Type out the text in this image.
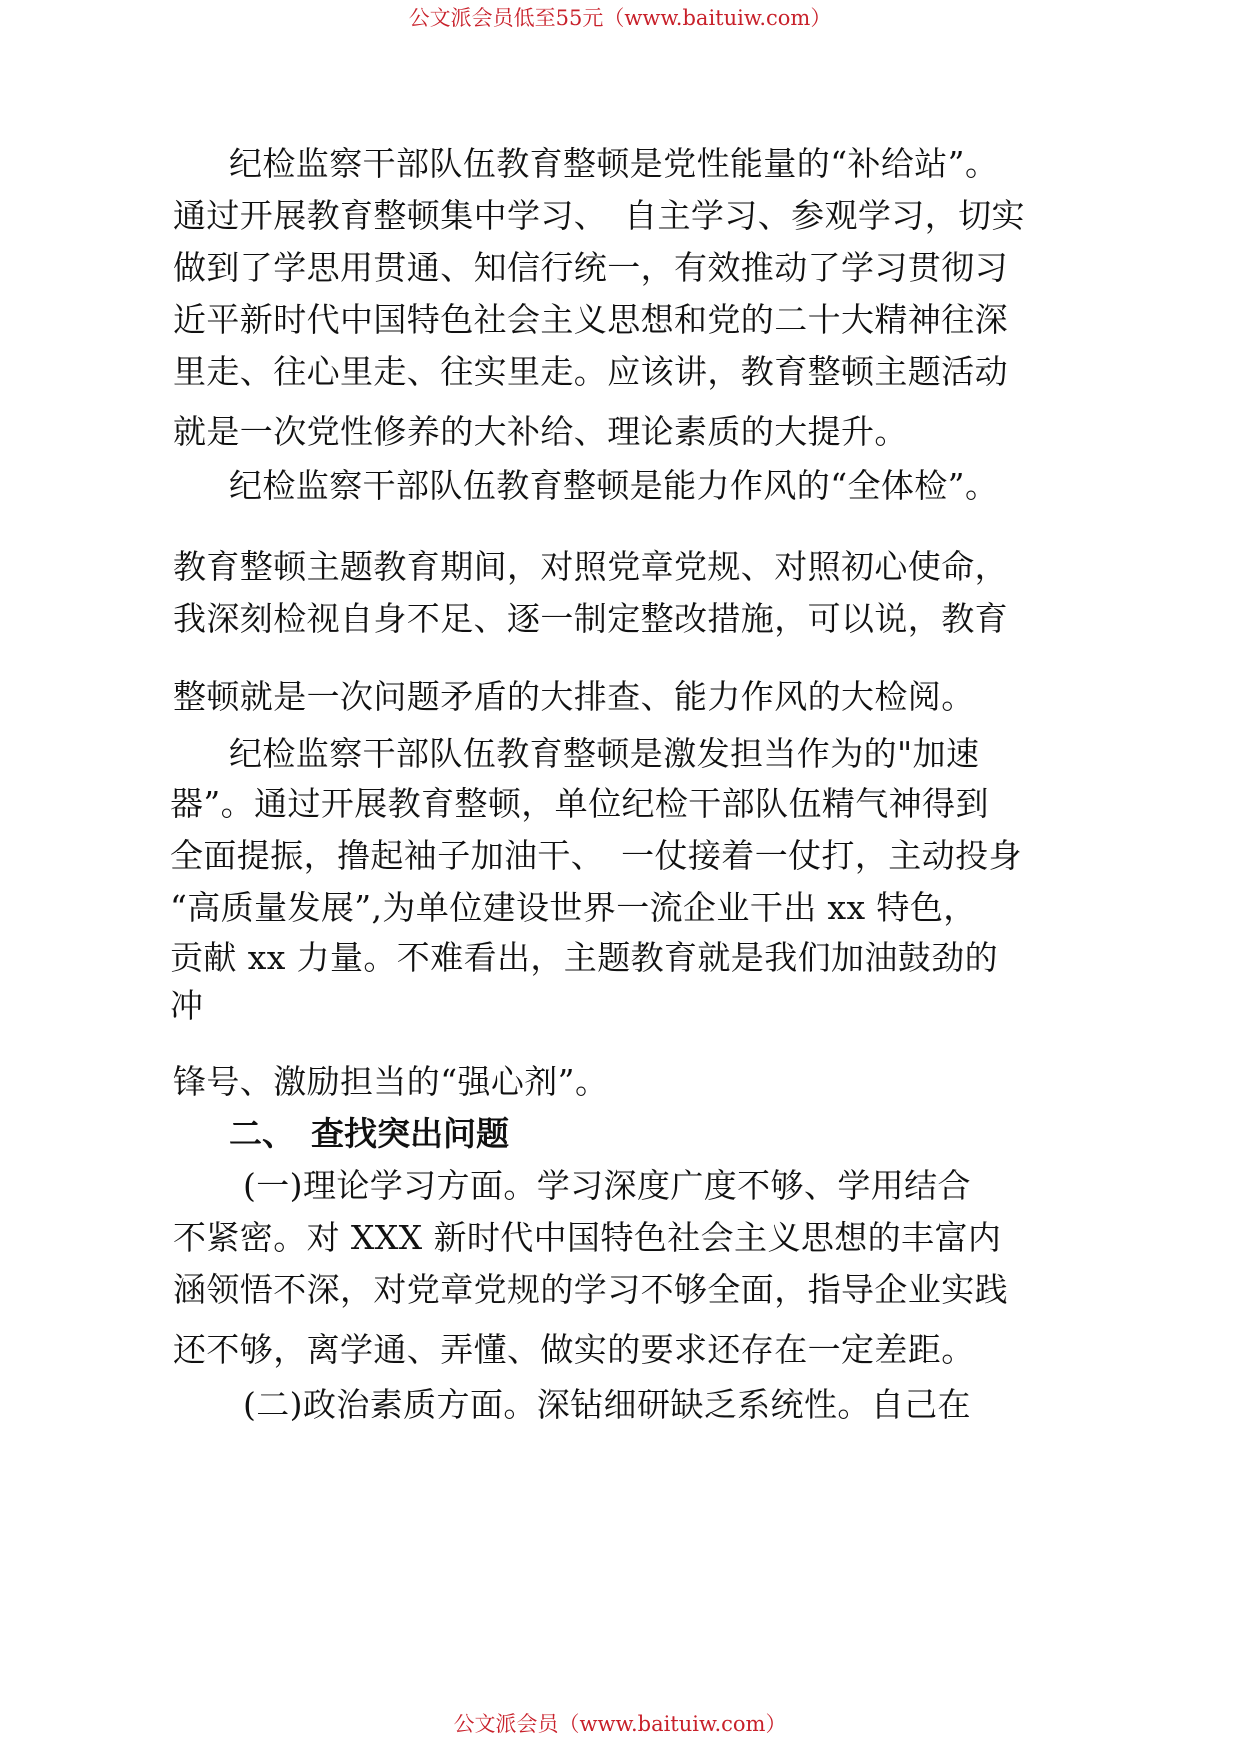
公文派会员低至55元（www.baituiw.com）
纪检监察干部队伍教育整顿是党性能量的“补给站”。
通过开展教育整顿集中学习、　自主学习、参观学习，切实
做到了学思用贯通、知信行统一，有效推动了学习贯彻习
近平新时代中国特色社会主义思想和党的二十大精神往深
里走、往心里走、往实里走。应该讲，教育整顿主题活动
就是一次党性修养的大补给、理论素质的大提升。
纪检监察干部队伍教育整顿是能力作风的“全体检”。
教育整顿主题教育期间，对照党章党规、对照初心使命，
我深刻检视自身不足、逐一制定整改措施，可以说，教育
整顿就是一次问题矛盾的大排查、能力作风的大检阅。
纪检监察干部队伍教育整顿是激发担当作为的"加速
器”。通过开展教育整顿，单位纪检干部队伍精气神得到
全面提振，撸起袖子加油干、　一仗接着一仗打，主动投身
“高质量发展”,为单位建设世界一流企业干出 xx 特色，
贡献 xx 力量。不难看出，主题教育就是我们加油鼓劲的
冲
锋号、激励担当的“强心剂”。
二、 查找突出问题
(一)理论学习方面。学习深度广度不够、学用结合
不紧密。对 XXX 新时代中国特色社会主义思想的丰富内
涵领悟不深，对党章党规的学习不够全面，指导企业实践
还不够，离学通、弄懂、做实的要求还存在一定差距。
(二)政治素质方面。深钻细研缺乏系统性。自己在
公文派会员（www.baituiw.com）
